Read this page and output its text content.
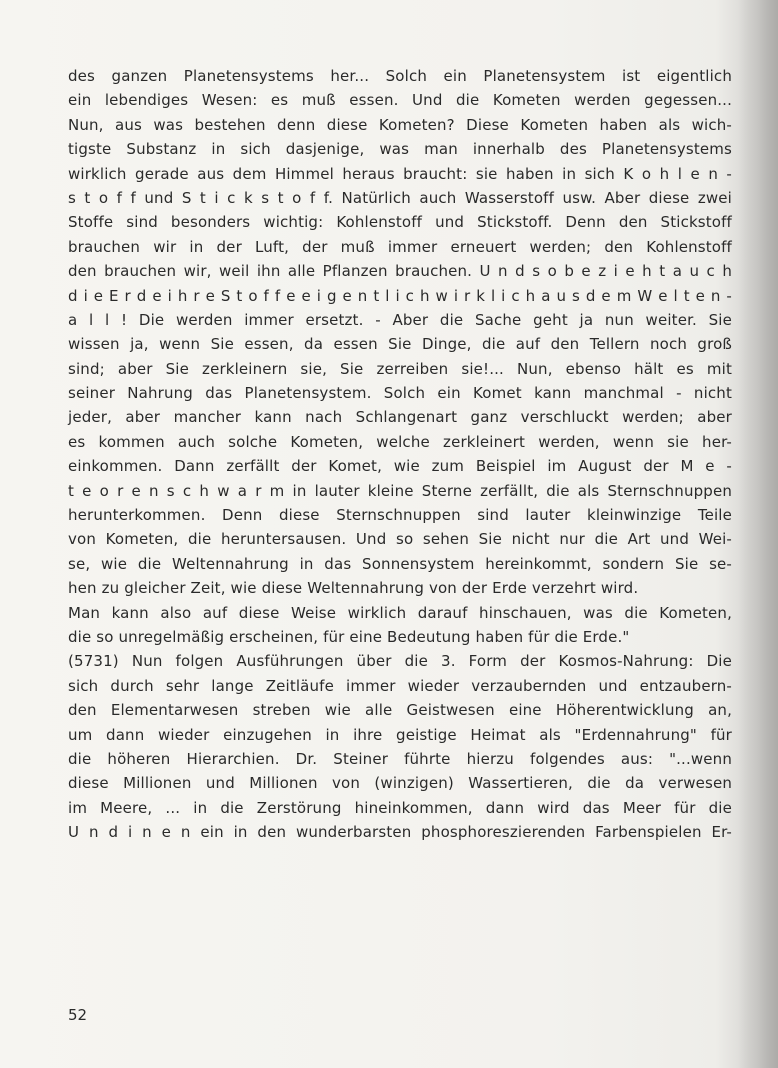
des ganzen Planetensystems her... Solch ein Planetensystem ist eigentlich
ein lebendiges Wesen: es muß essen. Und die Kometen werden gegessen...
Nun, aus was bestehen denn diese Kometen? Diese Kometen haben als wich-
tigste Substanz in sich dasjenige, was man innerhalb des Planetensystems
wirklich gerade aus dem Himmel heraus braucht: sie haben in sich K o h l e n -
s t o f f und S t i c k s t o f f. Natürlich auch Wasserstoff usw. Aber diese zwei
Stoffe sind besonders wichtig: Kohlenstoff und Stickstoff. Denn den Stickstoff
brauchen wir in der Luft, der muß immer erneuert werden; den Kohlenstoff
den brauchen wir, weil ihn alle Pflanzen brauchen. U n d s o b e z i e h t a u c h
d i e E r d e i h r e S t o f f e e i g e n t l i c h w i r k l i c h a u s d e m W e l t e n -
a l l ! Die werden immer ersetzt. - Aber die Sache geht ja nun weiter. Sie
wissen ja, wenn Sie essen, da essen Sie Dinge, die auf den Tellern noch groß
sind; aber Sie zerkleinern sie, Sie zerreiben sie!... Nun, ebenso hält es mit
seiner Nahrung das Planetensystem. Solch ein Komet kann manchmal - nicht
jeder, aber mancher kann nach Schlangenart ganz verschluckt werden; aber
es kommen auch solche Kometen, welche zerkleinert werden, wenn sie her-
einkommen. Dann zerfällt der Komet, wie zum Beispiel im August der M e -
t e o r e n s c h w a r m in lauter kleine Sterne zerfällt, die als Sternschnuppen
herunterkommen. Denn diese Sternschnuppen sind lauter kleinwinzige Teile
von Kometen, die heruntersausen. Und so sehen Sie nicht nur die Art und Wei-
se, wie die Weltennahrung in das Sonnensystem hereinkommt, sondern Sie se-
hen zu gleicher Zeit, wie diese Weltennahrung von der Erde verzehrt wird.
Man kann also auf diese Weise wirklich darauf hinschauen, was die Kometen,
die so unregelmäßig erscheinen, für eine Bedeutung haben für die Erde."
(5731) Nun folgen Ausführungen über die 3. Form der Kosmos-Nahrung: Die
sich durch sehr lange Zeitläufe immer wieder verzaubernden und entzaubern-
den Elementarwesen streben wie alle Geistwesen eine Höherentwicklung an,
um dann wieder einzugehen in ihre geistige Heimat als "Erdennahrung" für
die höheren Hierarchien. Dr. Steiner führte hierzu folgendes aus: "...wenn
diese Millionen und Millionen von (winzigen) Wassertieren, die da verwesen
im Meere, ... in die Zerstörung hineinkommen, dann wird das Meer für die
U n d i n e n ein in den wunderbarsten phosphoreszierenden Farbenspielen Er-
52
